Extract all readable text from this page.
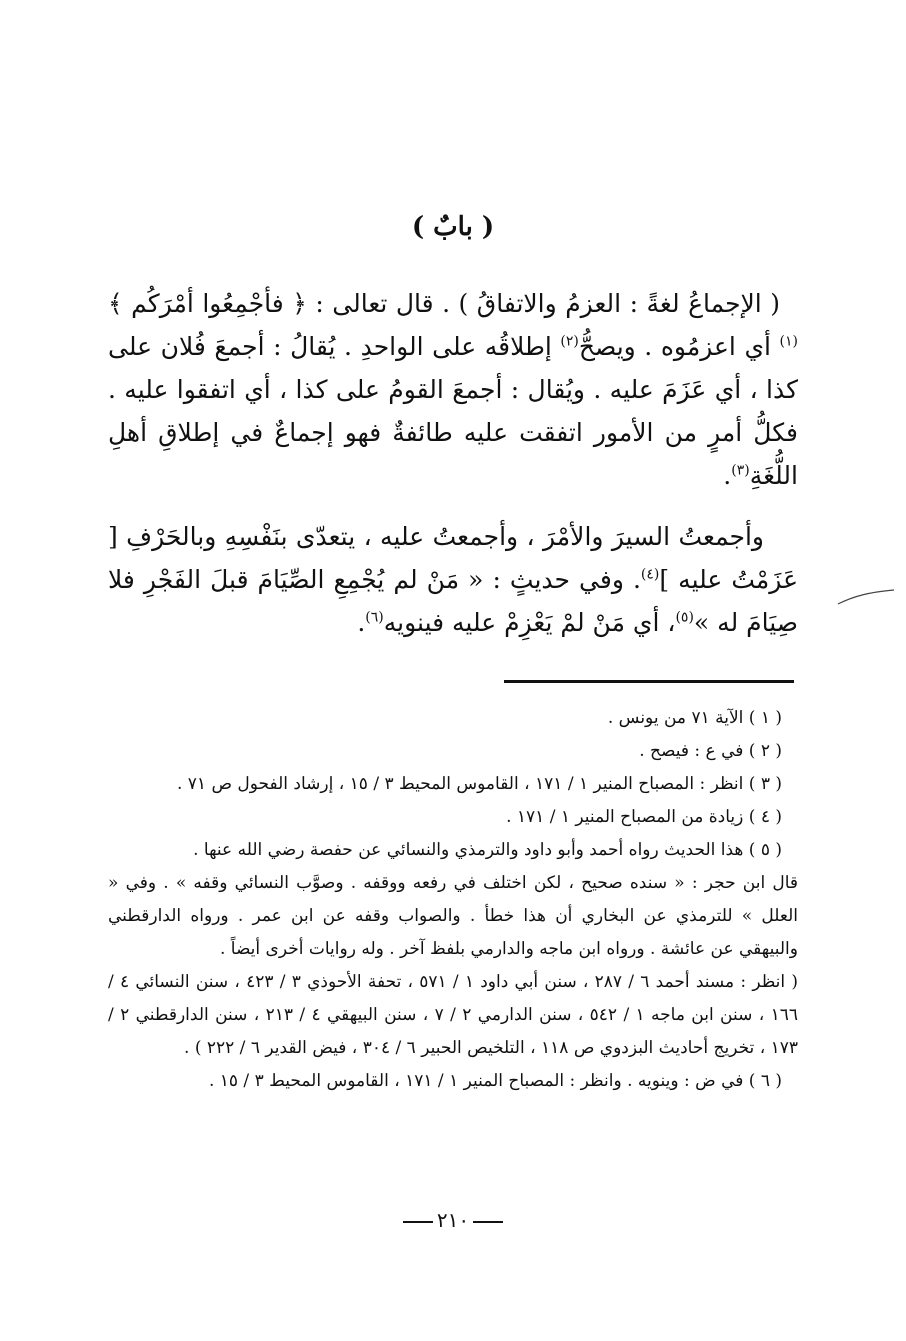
( بابٌ )

( الإجماعُ لغةً : العزمُ والاتفاقُ ) . قال تعالى : ﴿ فأجْمِعُوا أمْرَكُم ﴾$^{(١)}$ أي اعزمُوه . ويصحُّ$^{(٢)}$ إطلاقُه على الواحدِ . يُقالُ : أجمعَ فُلان على كذا ، أي عَزَمَ عليه . ويُقال : أجمعَ القومُ على كذا ، أي اتفقوا عليه . فكلُّ أمرٍ من الأمور اتفقت عليه طائفةٌ فهو إجماعٌ في إطلاقِ أهلِ اللُّغَةِ$^{(٣)}$.

وأجمعتُ السيرَ والأمْرَ ، وأجمعتُ عليه ، يتعدّى بنَفْسِهِ وبالحَرْفِ [ عَزَمْتُ عليه ]$^{(٤)}$. وفي حديثٍ : « مَنْ لم يُجْمِعِ الصِّيَامَ قبلَ الفَجْرِ فلا صِيَامَ له »$^{(٥)}$، أي مَنْ لمْ يَعْزِمْ عليه فينويه$^{(٦)}$.

( ١ ) الآية ٧١ من يونس .

( ٢ ) في ع : فيصح .

( ٣ ) انظر : المصباح المنير ١ / ١٧١ ، القاموس المحيط ٣ / ١٥ ، إرشاد الفحول ص ٧١ .

( ٤ ) زيادة من المصباح المنير ١ / ١٧١ .

( ٥ ) هذا الحديث رواه أحمد وأبو داود والترمذي والنسائي عن حفصة رضي الله عنها .

قال ابن حجر : « سنده صحيح ، لكن اختلف في رفعه ووقفه . وصوَّب النسائي وقفه » . وفي « العلل » للترمذي عن البخاري أن هذا خطأ . والصواب وقفه عن ابن عمر . ورواه الدارقطني والبيهقي عن عائشة . ورواه ابن ماجه والدارمي بلفظ آخر . وله روايات أخرى أيضاً .

( انظر : مسند أحمد ٦ / ٢٨٧ ، سنن أبي داود ١ / ٥٧١ ، تحفة الأحوذي ٣ / ٤٢٣ ، سنن النسائي ٤ / ١٦٦ ، سنن ابن ماجه ١ / ٥٤٢ ، سنن الدارمي ٢ / ٧ ، سنن البيهقي ٤ / ٢١٣ ، سنن الدارقطني ٢ / ١٧٣ ، تخريج أحاديث البزدوي ص ١١٨ ، التلخيص الحبير ٦ / ٣٠٤ ، فيض القدير ٦ / ٢٢٢ ) .

( ٦ ) في ض : وينويه . وانظر : المصباح المنير ١ / ١٧١ ، القاموس المحيط ٣ / ١٥ .

٢١٠
